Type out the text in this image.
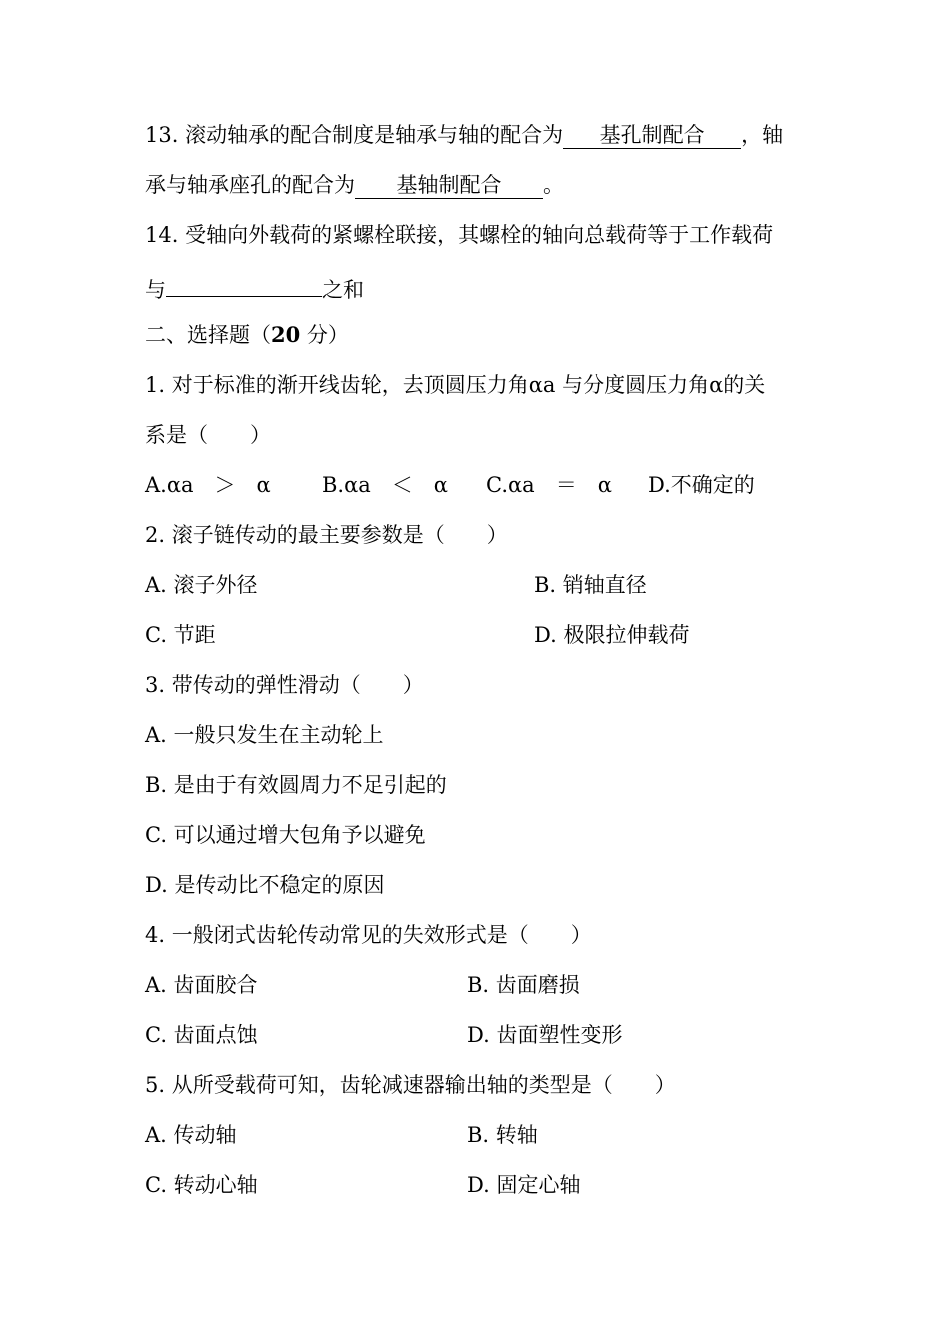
13. 滚动轴承的配合制度是轴承与轴的配合为 基孔制配合 ，轴
承与轴承座孔的配合为 基轴制配合 。
14. 受轴向外载荷的紧螺栓联接，其螺栓的轴向总载荷等于工作载荷
与	之和
二、选择题（20 分）
1. 对于标准的渐开线齿轮，去顶圆压力角αa 与分度圆压力角α的关
系是（　　）
A.αa　＞　α B.αa　＜　α C.αa　＝　α D.不确定的
2. 滚子链传动的最主要参数是（　　）
A. 滚子外径	B. 销轴直径
C. 节距	D. 极限拉伸载荷
3. 带传动的弹性滑动（　　）
A. 一般只发生在主动轮上
B. 是由于有效圆周力不足引起的
C. 可以通过增大包角予以避免
D. 是传动比不稳定的原因
4. 一般闭式齿轮传动常见的失效形式是（　　）
A. 齿面胶合	B. 齿面磨损
C. 齿面点蚀	D. 齿面塑性变形
5. 从所受载荷可知，齿轮减速器输出轴的类型是（　　）
A. 传动轴	B. 转轴
C. 转动心轴	D. 固定心轴
